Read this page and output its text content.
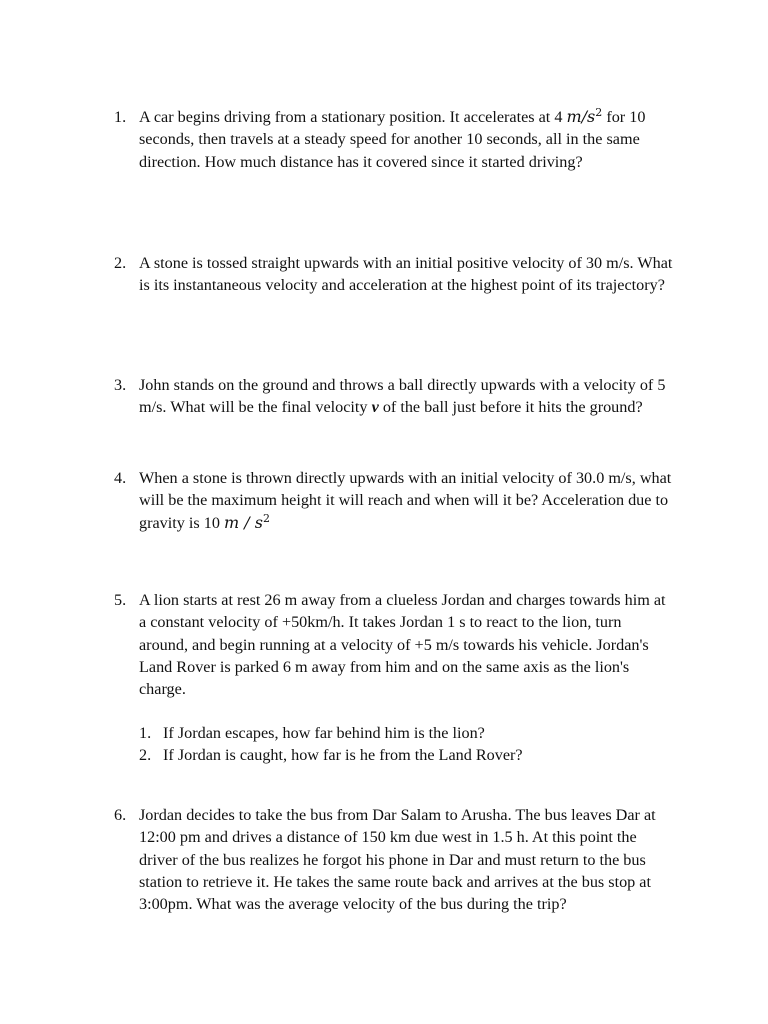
1. A car begins driving from a stationary position. It accelerates at 4 $m/s^2$ for 10 seconds, then travels at a steady speed for another 10 seconds, all in the same direction. How much distance has it covered since it started driving?
2. A stone is tossed straight upwards with an initial positive velocity of 30 m/s. What is its instantaneous velocity and acceleration at the highest point of its trajectory?
3. John stands on the ground and throws a ball directly upwards with a velocity of 5 m/s. What will be the final velocity v of the ball just before it hits the ground?
4. When a stone is thrown directly upwards with an initial velocity of 30.0 m/s, what will be the maximum height it will reach and when will it be? Acceleration due to gravity is 10 m / $s^2$
5. A lion starts at rest 26 m away from a clueless Jordan and charges towards him at a constant velocity of +50km/h. It takes Jordan 1 s to react to the lion, turn around, and begin running at a velocity of +5 m/s towards his vehicle. Jordan's Land Rover is parked 6 m away from him and on the same axis as the lion's charge.
1. If Jordan escapes, how far behind him is the lion?
2. If Jordan is caught, how far is he from the Land Rover?
6. Jordan decides to take the bus from Dar Salam to Arusha. The bus leaves Dar at 12:00 pm and drives a distance of 150 km due west in 1.5 h. At this point the driver of the bus realizes he forgot his phone in Dar and must return to the bus station to retrieve it. He takes the same route back and arrives at the bus stop at 3:00pm. What was the average velocity of the bus during the trip?
